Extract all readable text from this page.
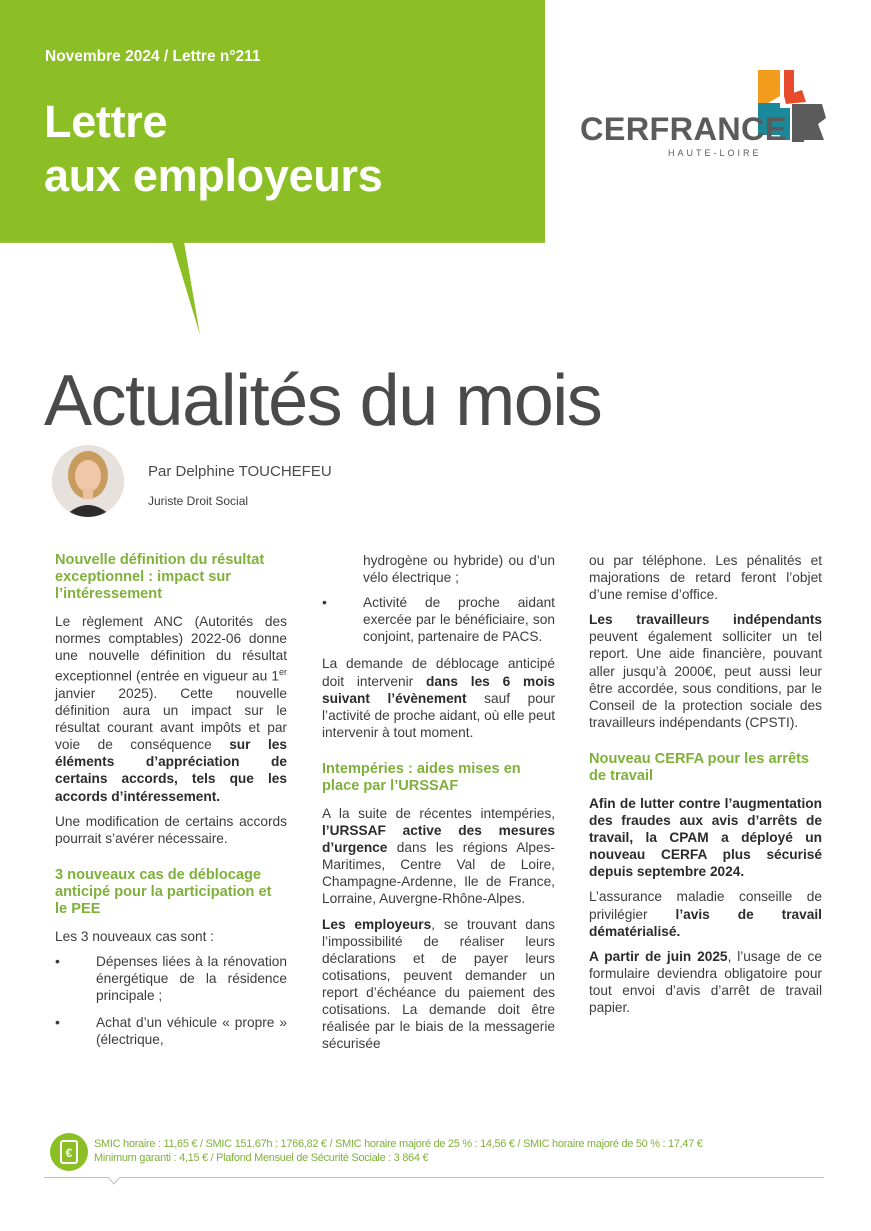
Novembre 2024 / Lettre n°211
Lettre
aux employeurs
CERFRANCE
HAUTE-LOIRE
Actualités du mois
Par Delphine TOUCHEFEU
Juriste Droit Social
Nouvelle définition du résultat exceptionnel : impact sur l’intéressement

Le règlement ANC (Autorités des normes comptables) 2022-06 donne une nouvelle définition du résultat exceptionnel (entrée en vigueur au 1er janvier 2025). Cette nouvelle définition aura un impact sur le résultat courant avant impôts et par voie de conséquence sur les éléments d’appréciation de certains accords, tels que les accords d’intéressement.

Une modification de certains accords pourrait s’avérer nécessaire.

3 nouveaux cas de déblocage anticipé pour la participation et le PEE

Les 3 nouveaux cas sont :

•	Dépenses liées à la rénovation énergétique de la résidence principale ;
•	Achat d’un véhicule « propre » (électrique,

hydrogène ou hybride) ou d’un vélo électrique ;

•	Activité de proche aidant exercée par le bénéficiaire, son conjoint, partenaire de PACS.

La demande de déblocage anticipé doit intervenir dans les 6 mois suivant l’évènement sauf pour l’activité de proche aidant, où elle peut intervenir à tout moment.

Intempéries : aides mises en place par l’URSSAF

A la suite de récentes intempéries, l’URSSAF active des mesures d’urgence dans les régions Alpes-Maritimes, Centre Val de Loire, Champagne-Ardenne, Ile de France, Lorraine, Auvergne-Rhône-Alpes.

Les employeurs, se trouvant dans l’impossibilité de réaliser leurs déclarations et de payer leurs cotisations, peuvent demander un report d’échéance du paiement des cotisations. La demande doit être réalisée par le biais de la messagerie sécurisée

ou par téléphone. Les pénalités et majorations de retard feront l’objet d’une remise d’office.

Les travailleurs indépendants peuvent également solliciter un tel report. Une aide financière, pouvant aller jusqu’à 2000€, peut aussi leur être accordée, sous conditions, par le Conseil de la protection sociale des travailleurs indépendants (CPSTI).

Nouveau CERFA pour les arrêts de travail

Afin de lutter contre l’augmentation des fraudes aux avis d’arrêts de travail, la CPAM a déployé un nouveau CERFA plus sécurisé depuis septembre 2024.

L’assurance maladie conseille de privilégier l’avis de travail dématérialisé.

A partir de juin 2025, l’usage de ce formulaire deviendra obligatoire pour tout envoi d’avis d’arrêt de travail papier.

€
SMIC horaire : 11,65 € / SMIC 151.67h : 1766,82 € / SMIC horaire majoré de 25 % : 14,56 € / SMIC horaire majoré de 50 % : 17,47 €
Minimum garanti : 4,15 € / Plafond Mensuel de Sécurité Sociale : 3 864 €
